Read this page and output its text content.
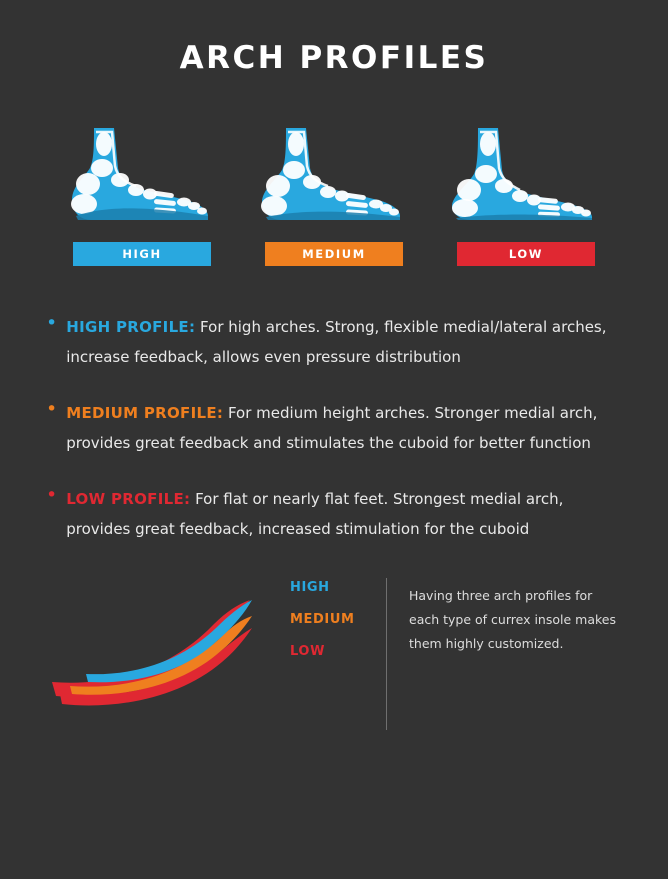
ARCH PROFILES
HIGH	MEDIUM	LOW
• HIGH PROFILE: For high arches. Strong, flexible medial/lateral arches, increase feedback, allows even pressure distribution
• MEDIUM PROFILE: For medium height arches. Stronger medial arch, provides great feedback and stimulates the cuboid for better function
• LOW PROFILE: For flat or nearly flat feet. Strongest medial arch, provides great feedback, increased stimulation for the cuboid
HIGH
MEDIUM
LOW
Having three arch profiles for each type of currex insole makes them highly customized.
